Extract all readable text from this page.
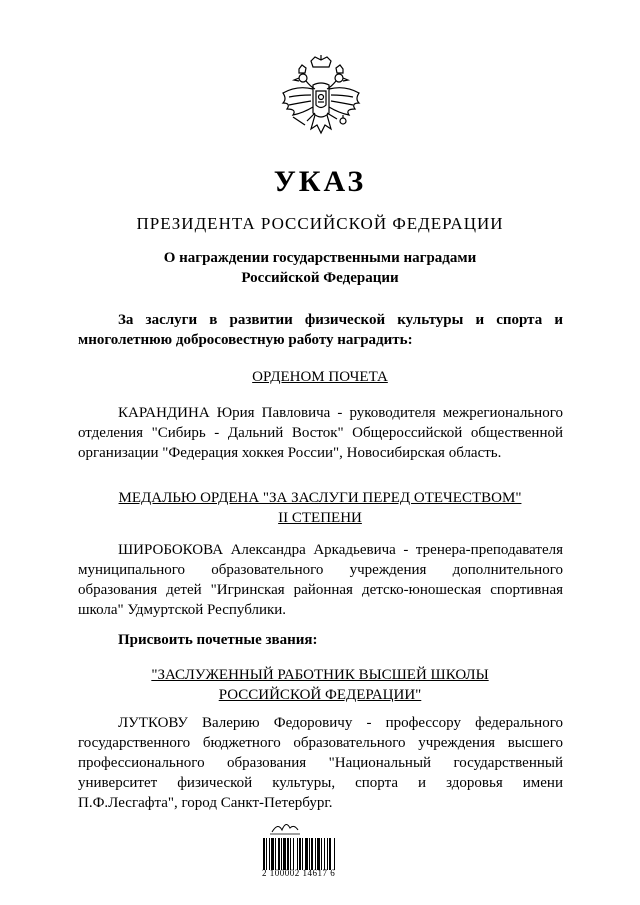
УКАЗ
ПРЕЗИДЕНТА РОССИЙСКОЙ ФЕДЕРАЦИИ
О награждении государственными наградами
Российской Федерации
За заслуги в развитии физической культуры и спорта и многолетнюю добросовестную работу наградить:
ОРДЕНОМ ПОЧЕТА
КАРАНДИНА Юрия Павловича - руководителя межрегионального отделения "Сибирь - Дальний Восток" Общероссийской общественной организации "Федерация хоккея России", Новосибирская область.
МЕДАЛЬЮ ОРДЕНА "ЗА ЗАСЛУГИ ПЕРЕД ОТЕЧЕСТВОМ"
II СТЕПЕНИ
ШИРОБОКОВА Александра Аркадьевича - тренера-преподавателя муниципального образовательного учреждения дополнительного образования детей "Игринская районная детско-юношеская спортивная школа" Удмуртской Республики.
Присвоить почетные звания:
"ЗАСЛУЖЕННЫЙ РАБОТНИК ВЫСШЕЙ ШКОЛЫ
РОССИЙСКОЙ ФЕДЕРАЦИИ"
ЛУТКОВУ Валерию Федоровичу - профессору федерального государственного бюджетного образовательного учреждения высшего профессионального образования "Национальный государственный университет физической культуры, спорта и здоровья имени П.Ф.Лесгафта", город Санкт-Петербург.
2 100002 14617 6
